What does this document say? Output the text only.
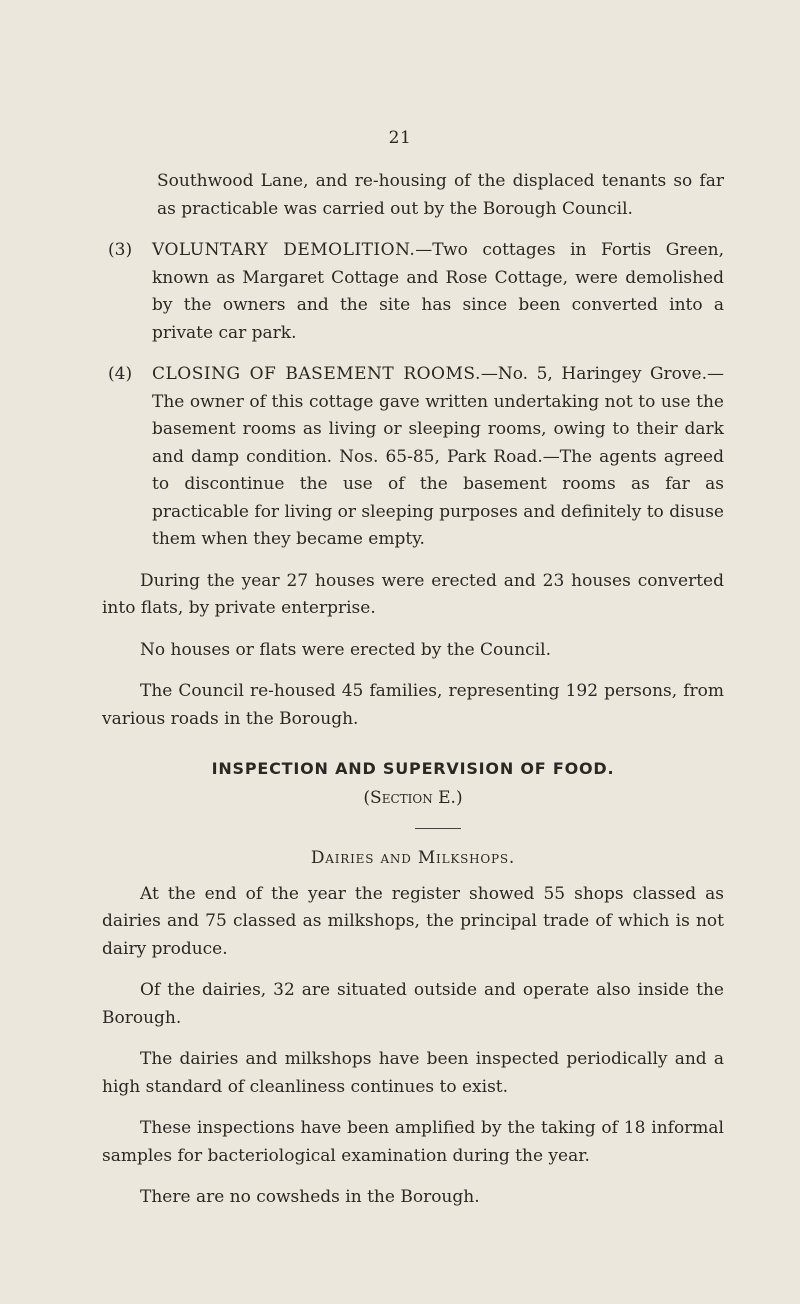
21

Southwood Lane, and re-housing of the displaced tenants so far as practicable was carried out by the Borough Council.

(3) VOLUNTARY DEMOLITION.—Two cottages in Fortis Green, known as Margaret Cottage and Rose Cottage, were demolished by the owners and the site has since been converted into a private car park.

(4) CLOSING OF BASEMENT ROOMS.—No. 5, Haringey Grove.—The owner of this cottage gave written undertaking not to use the basement rooms as living or sleeping rooms, owing to their dark and damp condition. Nos. 65-85, Park Road.—The agents agreed to discontinue the use of the basement rooms as far as practicable for living or sleeping purposes and definitely to disuse them when they became empty.

During the year 27 houses were erected and 23 houses converted into flats, by private enterprise.

No houses or flats were erected by the Council.

The Council re-housed 45 families, representing 192 persons, from various roads in the Borough.

INSPECTION AND SUPERVISION OF FOOD.
(Section E.)
Dairies and Milkshops.

At the end of the year the register showed 55 shops classed as dairies and 75 classed as milkshops, the principal trade of which is not dairy produce.

Of the dairies, 32 are situated outside and operate also inside the Borough.

The dairies and milkshops have been inspected periodically and a high standard of cleanliness continues to exist.

These inspections have been amplified by the taking of 18 informal samples for bacteriological examination during the year.

There are no cowsheds in the Borough.
